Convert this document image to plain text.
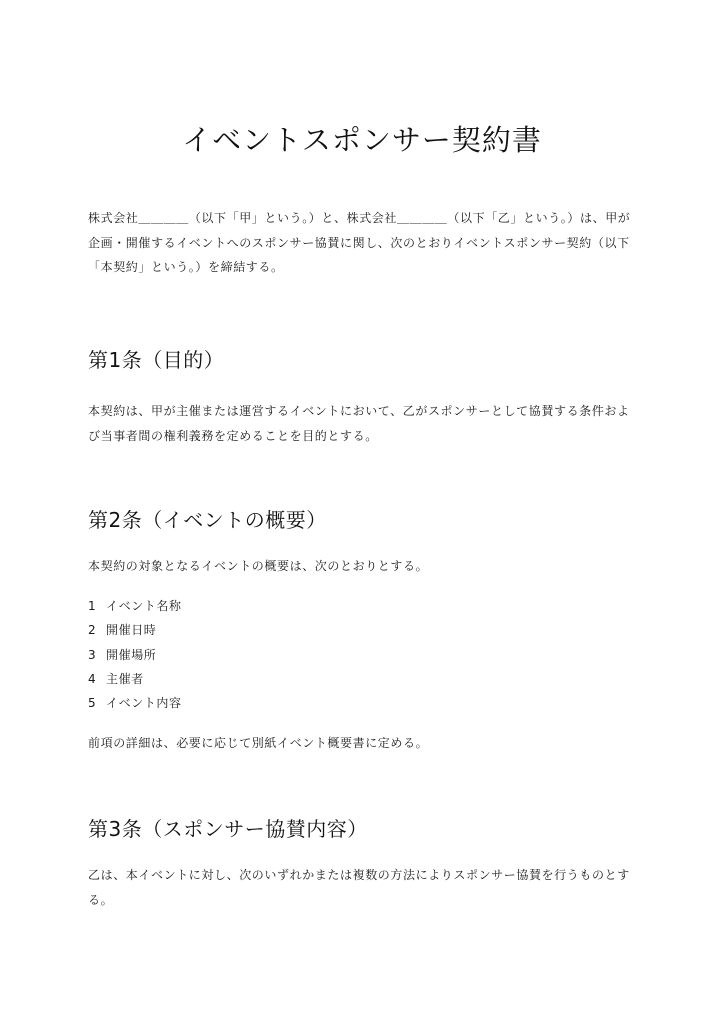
イベントスポンサー契約書

株式会社＿＿＿＿（以下「甲」という。）と、株式会社＿＿＿＿（以下「乙」という。）は、甲が企画・開催するイベントへのスポンサー協賛に関し、次のとおりイベントスポンサー契約（以下「本契約」という。）を締結する。

第1条（目的）

本契約は、甲が主催または運営するイベントにおいて、乙がスポンサーとして協賛する条件および当事者間の権利義務を定めることを目的とする。

第2条（イベントの概要）

本契約の対象となるイベントの概要は、次のとおりとする。

1 イベント名称
2 開催日時
3 開催場所
4 主催者
5 イベント内容

前項の詳細は、必要に応じて別紙イベント概要書に定める。

第3条（スポンサー協賛内容）

乙は、本イベントに対し、次のいずれかまたは複数の方法によりスポンサー協賛を行うものとする。
